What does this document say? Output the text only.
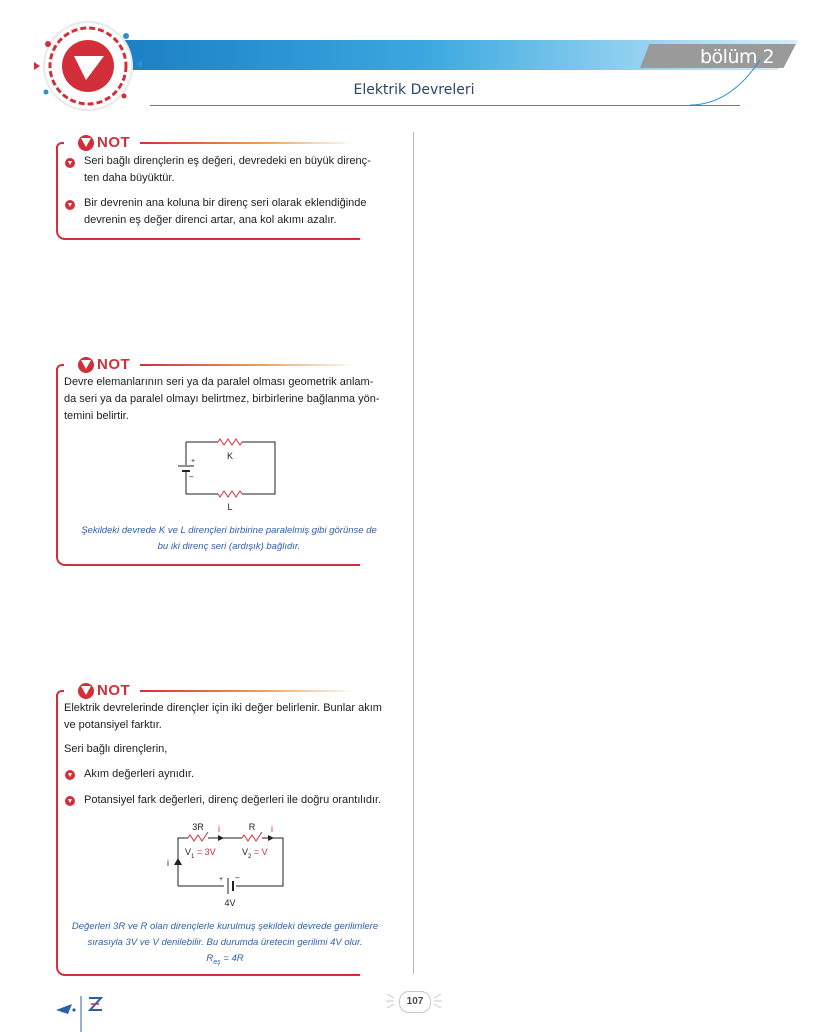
bölüm 2
Elektrik Devreleri
NOT
Seri bağlı dirençlerin eş değeri, devredeki en büyük direnç-
ten daha büyüktür.
Bir devrenin ana koluna bir direnç seri olarak eklendiğinde
devrenin eş değer direnci artar, ana kol akımı azalır.
NOT
Devre elemanlarının seri ya da paralel olması geometrik anlam-
da seri ya da paralel olmayı belirtmez, birbirlerine bağlanma yön-
temini belirtir.
K
L
+
–
Şekildeki devrede K ve L dirençleri birbirine paralelmiş gibi görünse de
bu iki direnç seri (ardışık) bağlıdır.
NOT
Elektrik devrelerinde dirençler için iki değer belirlenir. Bunlar akım
ve potansiyel farktır.
Seri bağlı dirençlerin,
Akım değerleri aynıdır.
Potansiyel fark değerleri, direnç değerleri ile doğru orantılıdır.
3R	R
i	i
i
$V_1 = 3V$	$V_2 = V$
+ –
4V
Değerleri 3R ve R olan dirençlerle kurulmuş şekildeki devrede gerilimlere
sırasıyla 3V ve V denilebilir. Bu durumda üretecin gerilimi 4V olur.
$R_{eş} = 4R$
107
